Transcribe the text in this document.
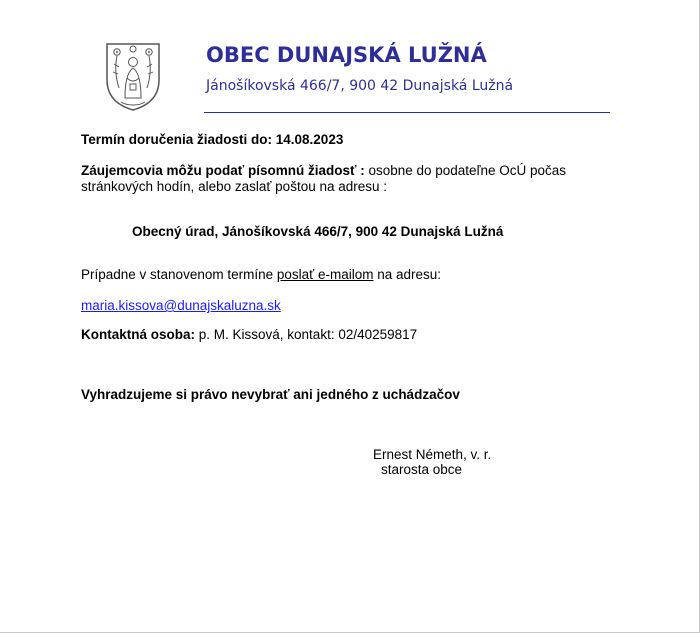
OBEC DUNAJSKÁ LUŽNÁ
Jánošíkovská 466/7, 900 42 Dunajská Lužná
Termín doručenia žiadosti do: 14.08.2023
Záujemcovia môžu podať písomnú žiadosť : osobne do podateľne OcÚ počas
stránkových hodín, alebo zaslať poštou na adresu :
Obecný úrad, Jánošíkovská 466/7, 900 42 Dunajská Lužná
Prípadne v stanovenom termíne poslať e-mailom na adresu:
maria.kissova@dunajskaluzna.sk
Kontaktná osoba: p. M. Kissová, kontakt: 02/40259817
Vyhradzujeme si právo nevybrať ani jedného z uchádzačov
Ernest Németh, v. r.
starosta obce
